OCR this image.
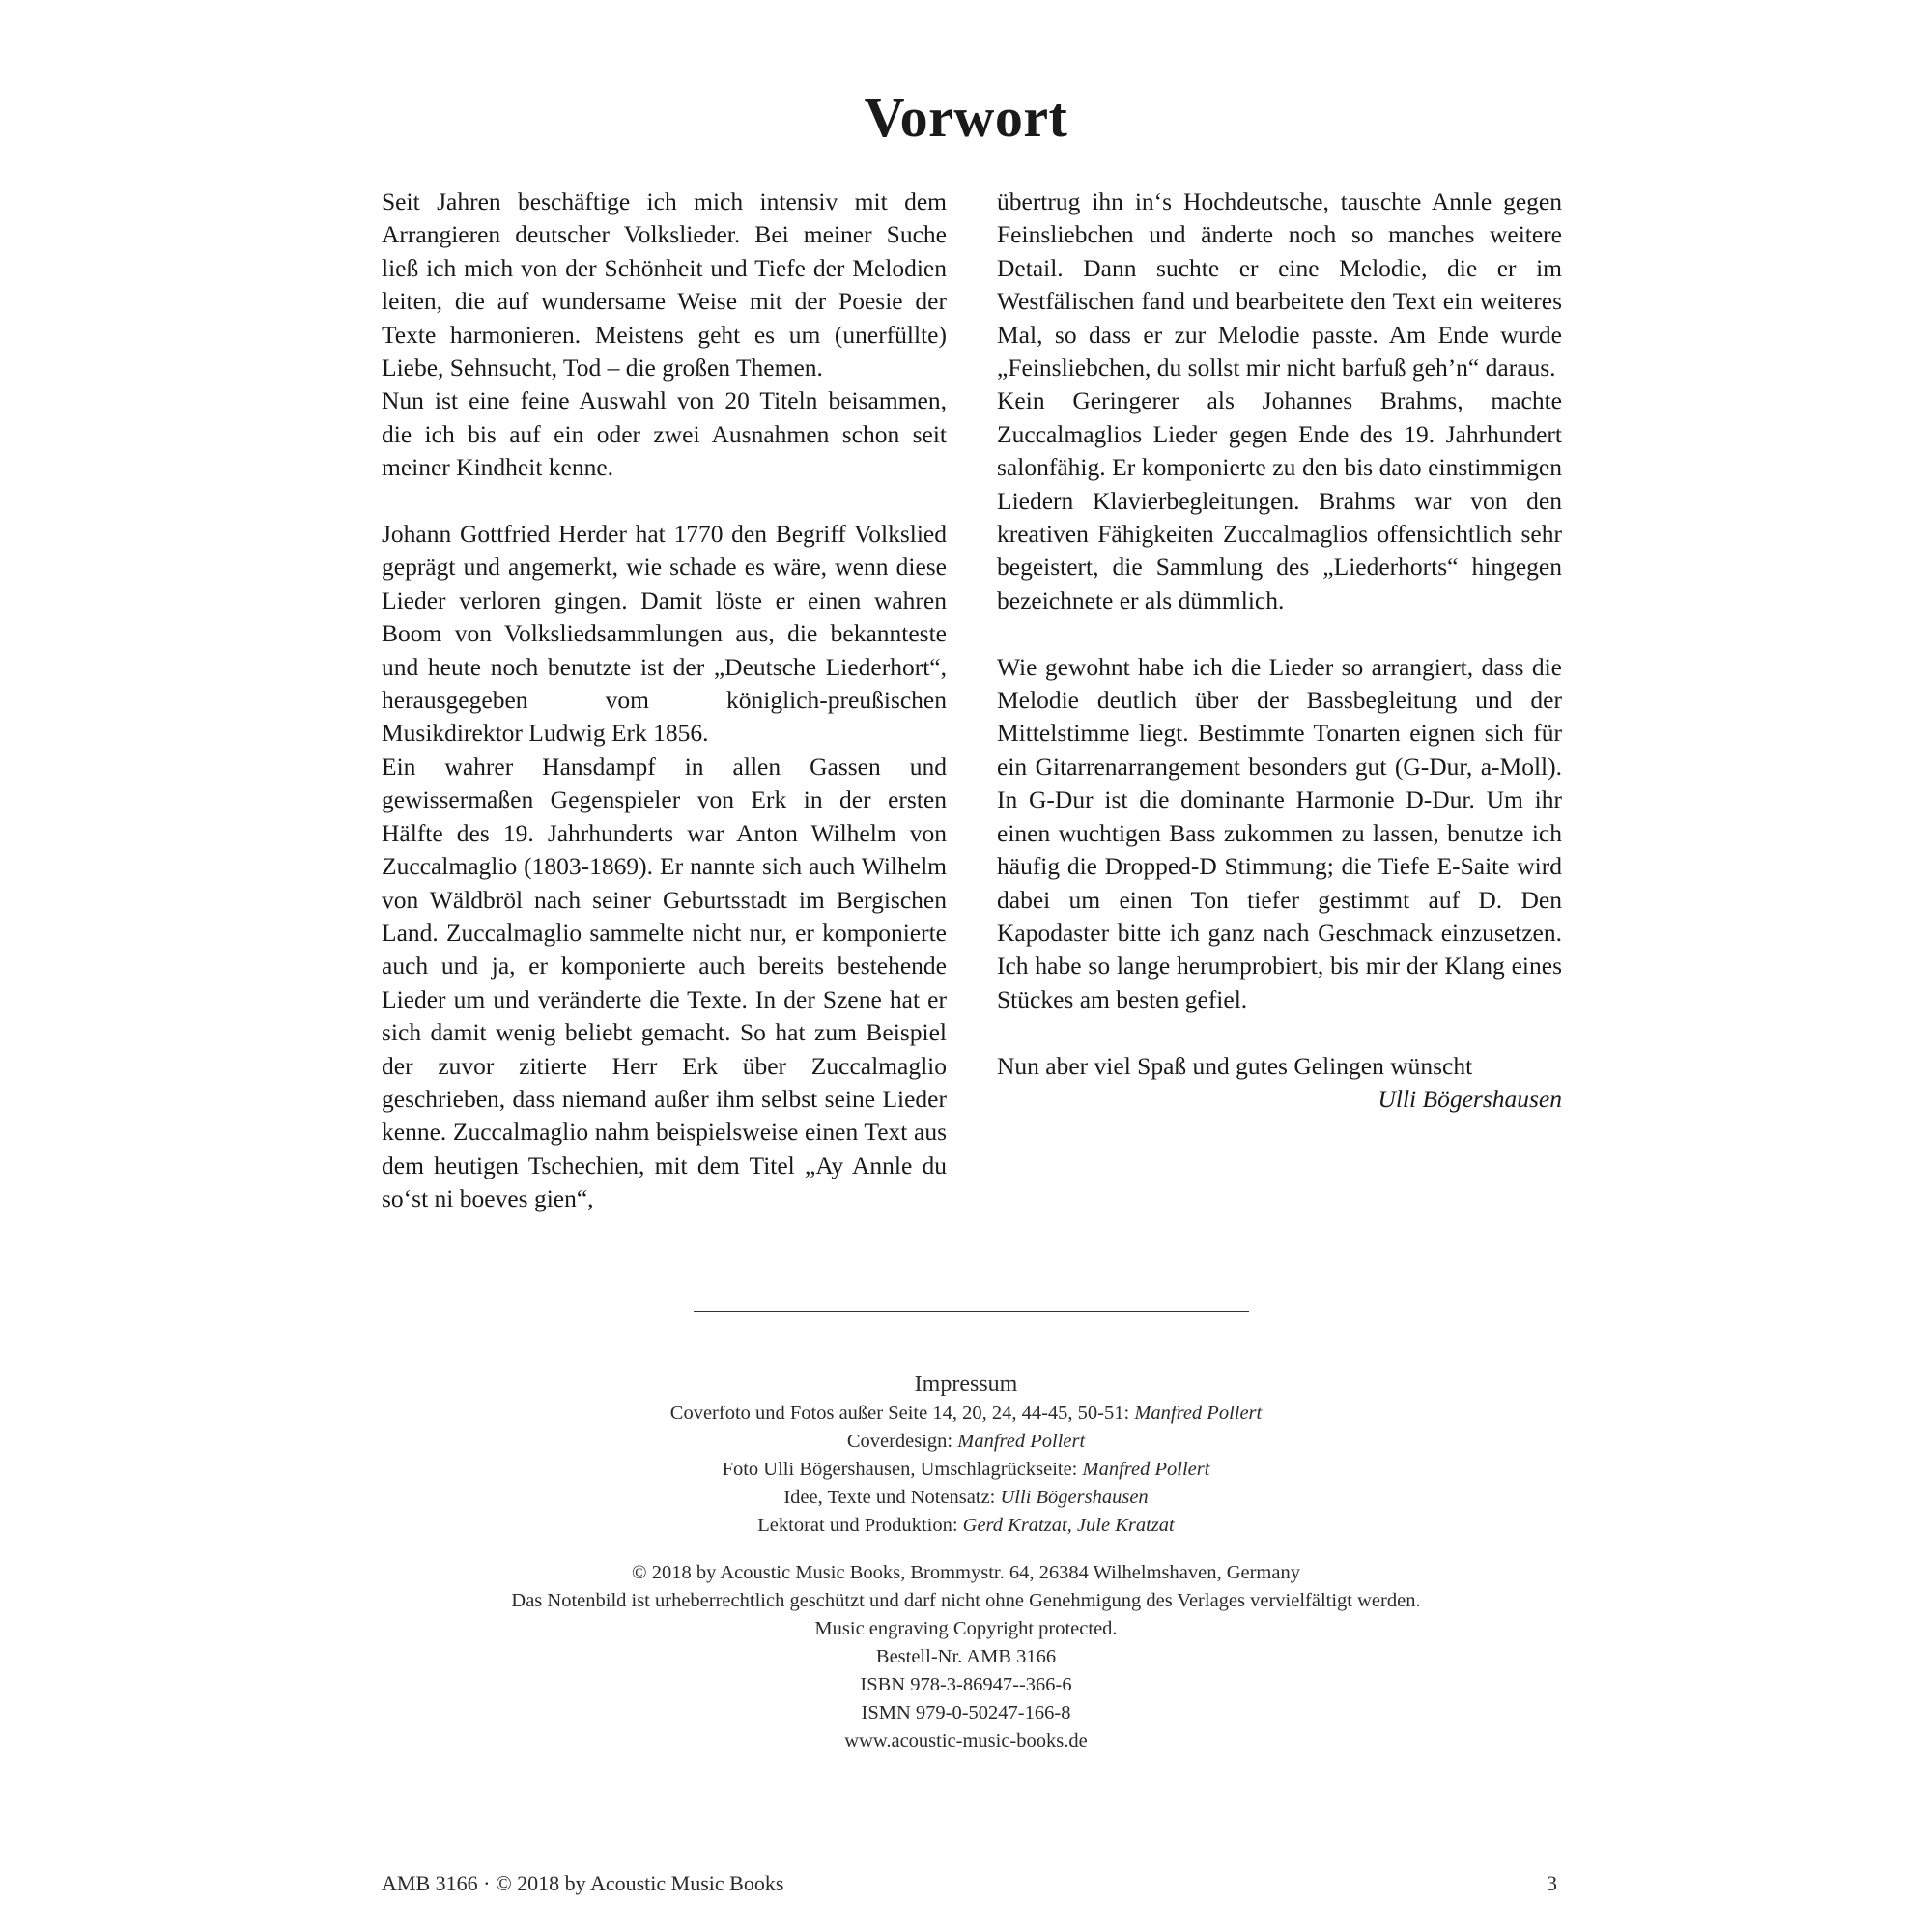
Vorwort

Seit Jahren beschäftige ich mich intensiv mit dem Arrangieren deutscher Volkslieder. Bei meiner Suche ließ ich mich von der Schönheit und Tiefe der Melodien leiten, die auf wundersame Weise mit der Poesie der Texte harmonieren. Meistens geht es um (unerfüllte) Liebe, Sehnsucht, Tod – die großen Themen.

Nun ist eine feine Auswahl von 20 Titeln beisammen, die ich bis auf ein oder zwei Ausnahmen schon seit meiner Kindheit kenne.

Johann Gottfried Herder hat 1770 den Begriff Volkslied geprägt und angemerkt, wie schade es wäre, wenn diese Lieder verloren gingen. Damit löste er einen wahren Boom von Volksliedsammlungen aus, die bekannteste und heute noch benutzte ist der „Deutsche Liederhort“, herausgegeben vom königlich-preußischen Musikdirektor Ludwig Erk 1856.

Ein wahrer Hansdampf in allen Gassen und gewissermaßen Gegenspieler von Erk in der ersten Hälfte des 19. Jahrhunderts war Anton Wilhelm von Zuccalmaglio (1803-1869). Er nannte sich auch Wilhelm von Wäldbröl nach seiner Geburtsstadt im Bergischen Land. Zuccalmaglio sammelte nicht nur, er komponierte auch und ja, er komponierte auch bereits bestehende Lieder um und veränderte die Texte. In der Szene hat er sich damit wenig beliebt gemacht. So hat zum Beispiel der zuvor zitierte Herr Erk über Zuccalmaglio geschrieben, dass niemand außer ihm selbst seine Lieder kenne. Zuccalmaglio nahm beispielsweise einen Text aus dem heutigen Tschechien, mit dem Titel „Ay Annle du so‘st ni boeves gien“,

übertrug ihn in‘s Hochdeutsche, tauschte Annle gegen Feinsliebchen und änderte noch so manches weitere Detail. Dann suchte er eine Melodie, die er im Westfälischen fand und bearbeitete den Text ein weiteres Mal, so dass er zur Melodie passte. Am Ende wurde „Feinsliebchen, du sollst mir nicht barfuß geh’n“ daraus.

Kein Geringerer als Johannes Brahms, machte Zuccalmaglios Lieder gegen Ende des 19. Jahrhundert salonfähig. Er komponierte zu den bis dato einstimmigen Liedern Klavierbegleitungen. Brahms war von den kreativen Fähigkeiten Zuccalmaglios offensichtlich sehr begeistert, die Sammlung des „Liederhorts“ hingegen bezeichnete er als dümmlich.

Wie gewohnt habe ich die Lieder so arrangiert, dass die Melodie deutlich über der Bassbegleitung und der Mittelstimme liegt. Bestimmte Tonarten eignen sich für ein Gitarrenarrangement besonders gut (G-Dur, a-Moll). In G-Dur ist die dominante Harmonie D-Dur. Um ihr einen wuchtigen Bass zukommen zu lassen, benutze ich häufig die Dropped-D Stimmung; die Tiefe E-Saite wird dabei um einen Ton tiefer gestimmt auf D. Den Kapodaster bitte ich ganz nach Geschmack einzusetzen. Ich habe so lange herumprobiert, bis mir der Klang eines Stückes am besten gefiel.

Nun aber viel Spaß und gutes Gelingen wünscht

Ulli Bögershausen

Impressum
Coverfoto und Fotos außer Seite 14, 20, 24, 44-45, 50-51: Manfred Pollert
Coverdesign: Manfred Pollert
Foto Ulli Bögershausen, Umschlagrückseite: Manfred Pollert
Idee, Texte und Notensatz: Ulli Bögershausen
Lektorat und Produktion: Gerd Kratzat, Jule Kratzat
© 2018 by Acoustic Music Books, Brommystr. 64, 26384 Wilhelmshaven, Germany
Das Notenbild ist urheberrechtlich geschützt und darf nicht ohne Genehmigung des Verlages vervielfältigt werden.
Music engraving Copyright protected.
Bestell-Nr. AMB 3166
ISBN 978-3-86947--366-6
ISMN 979-0-50247-166-8
www.acoustic-music-books.de
AMB 3166 · © 2018 by Acoustic Music Books	3
